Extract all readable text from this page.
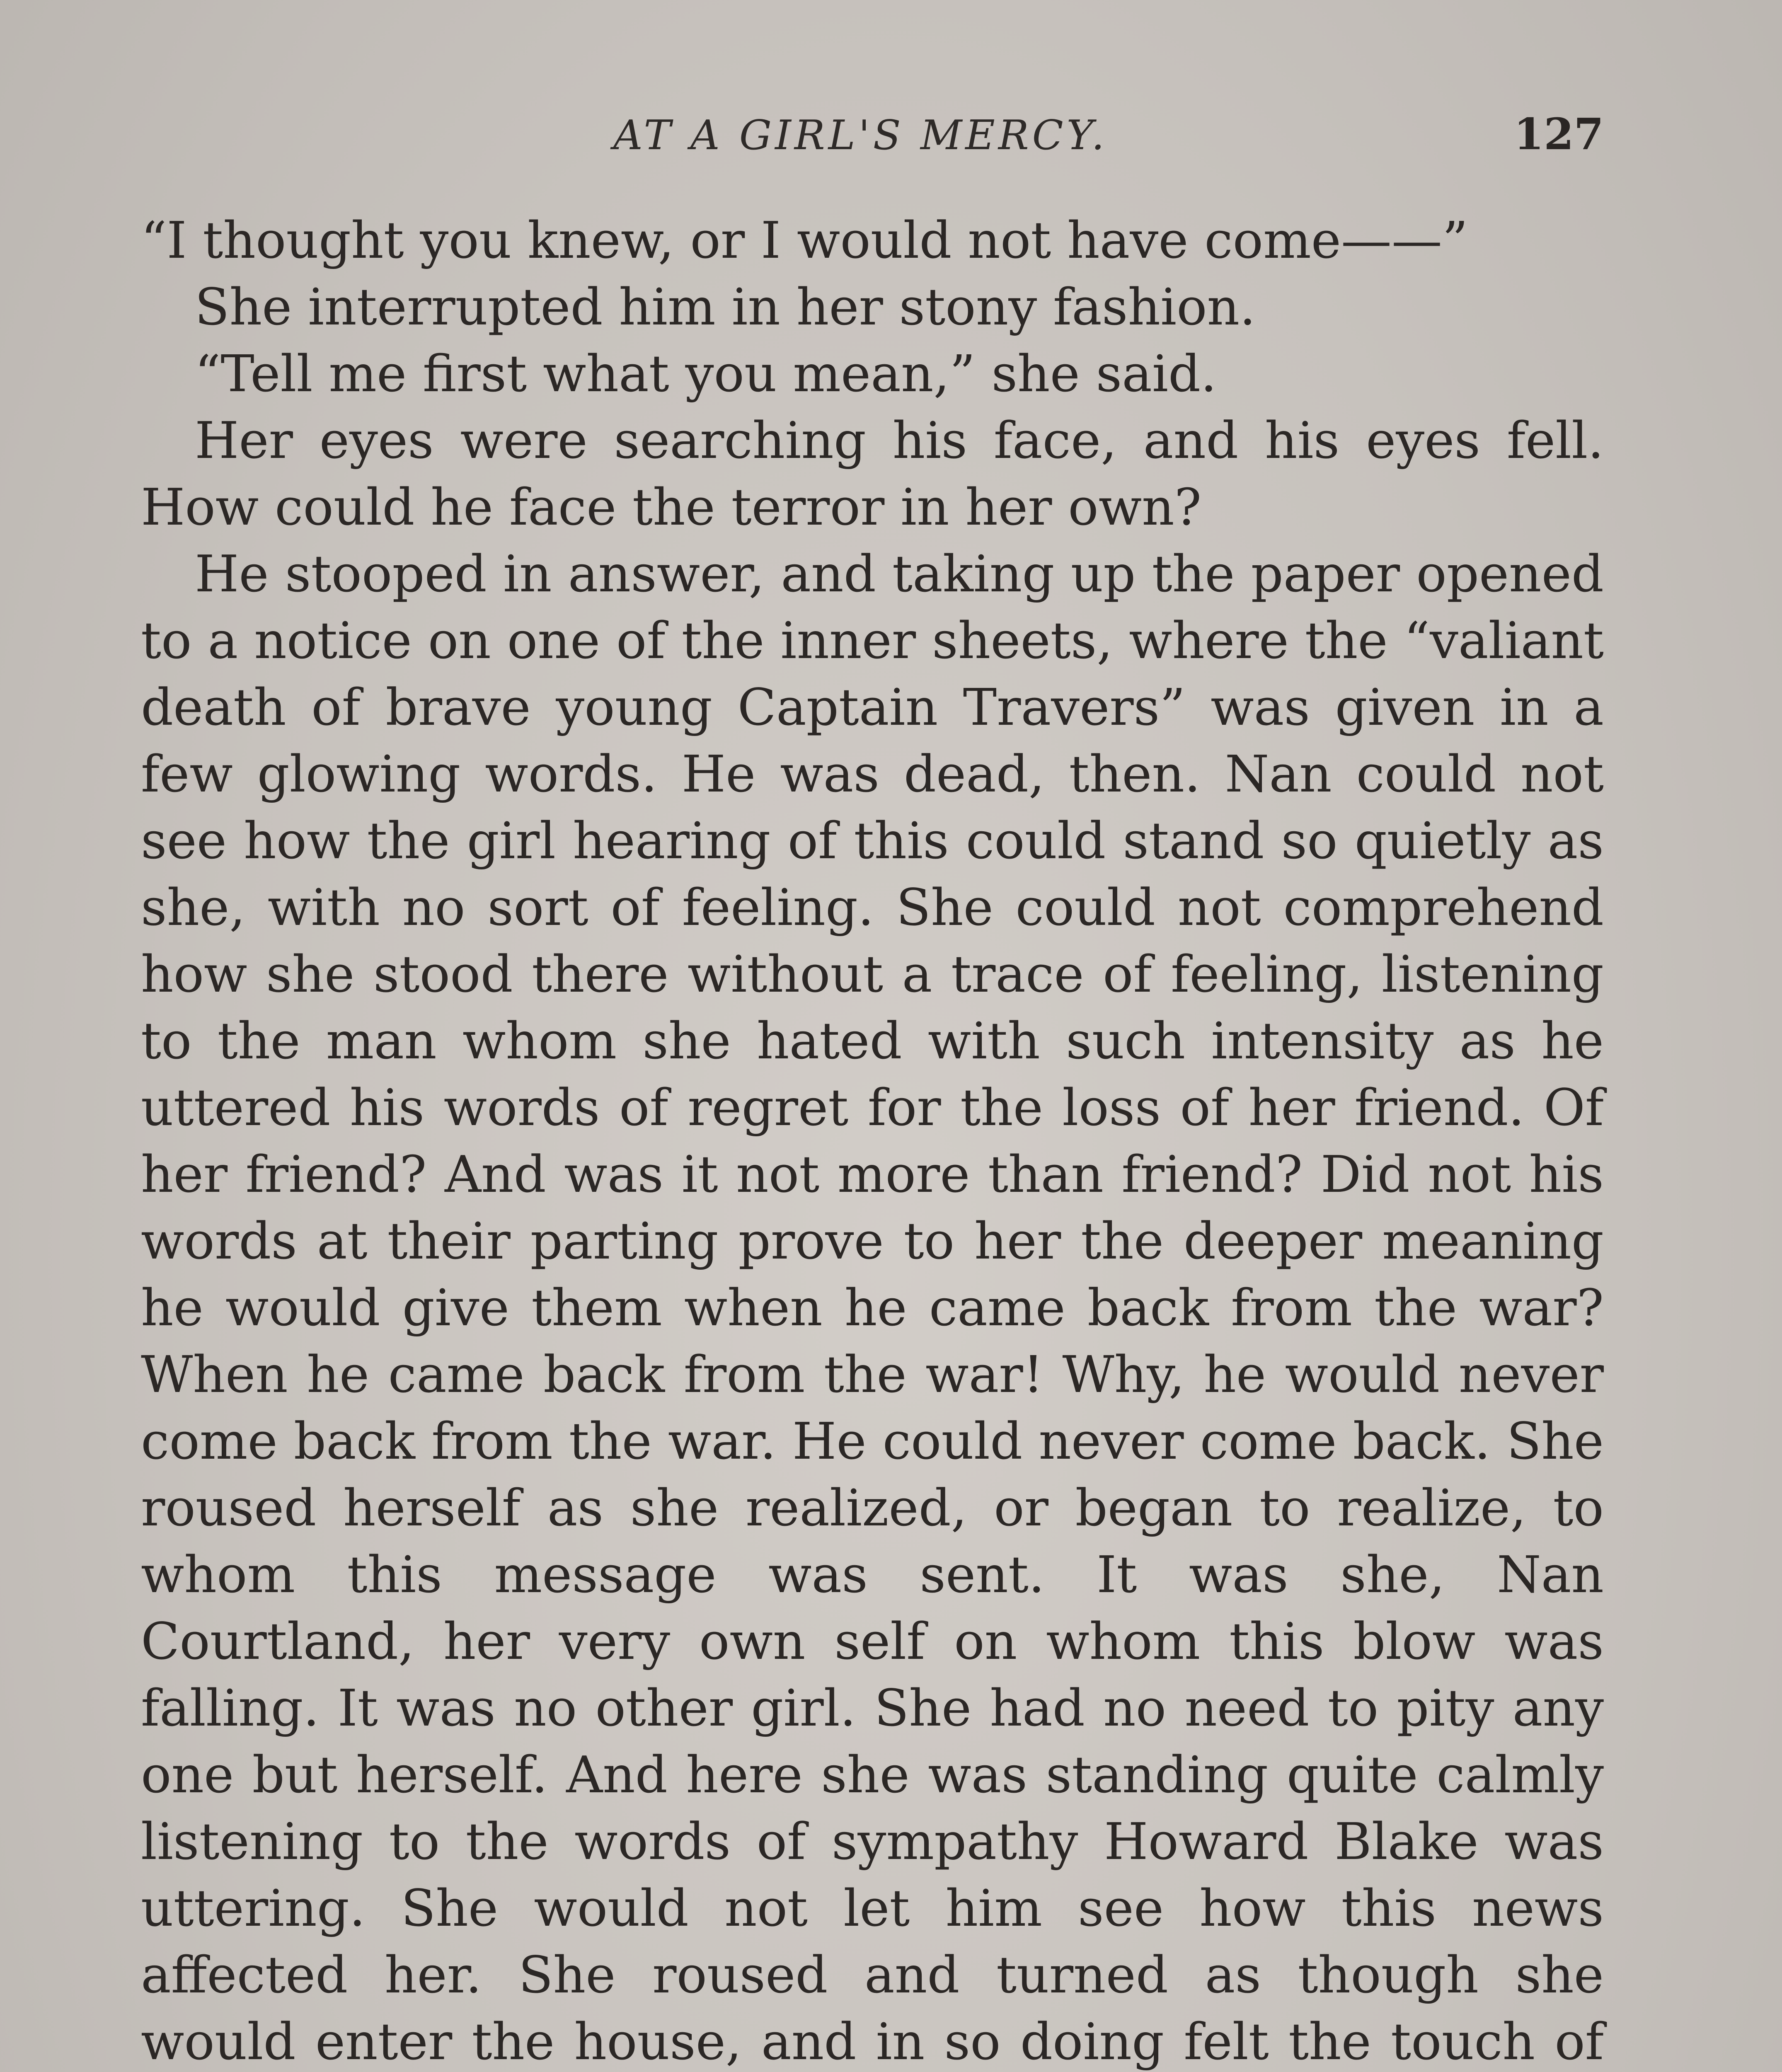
AT A GIRL'S MERCY.	127

“I thought you knew, or I would not have come——”

She interrupted him in her stony fashion.

“Tell me first what you mean,” she said.

Her eyes were searching his face, and his eyes fell. How could he face the terror in her own?

He stooped in answer, and taking up the paper opened to a notice on one of the inner sheets, where the “valiant death of brave young Captain Travers” was given in a few glowing words. He was dead, then. Nan could not see how the girl hearing of this could stand so quietly as she, with no sort of feeling. She could not comprehend how she stood there without a trace of feeling, listening to the man whom she hated with such intensity as he uttered his words of regret for the loss of her friend. Of her friend? And was it not more than friend? Did not his words at their parting prove to her the deeper meaning he would give them when he came back from the war? When he came back from the war! Why, he would never come back from the war. He could never come back. She roused herself as she realized, or began to realize, to whom this message was sent. It was she, Nan Courtland, her very own self on whom this blow was falling. It was no other girl. She had no need to pity any one but herself. And here she was standing quite calmly listening to the words of sympathy Howard Blake was uttering. She would not let him see how this news affected her. She roused and turned as though she would enter the house, and in so doing felt the touch of
